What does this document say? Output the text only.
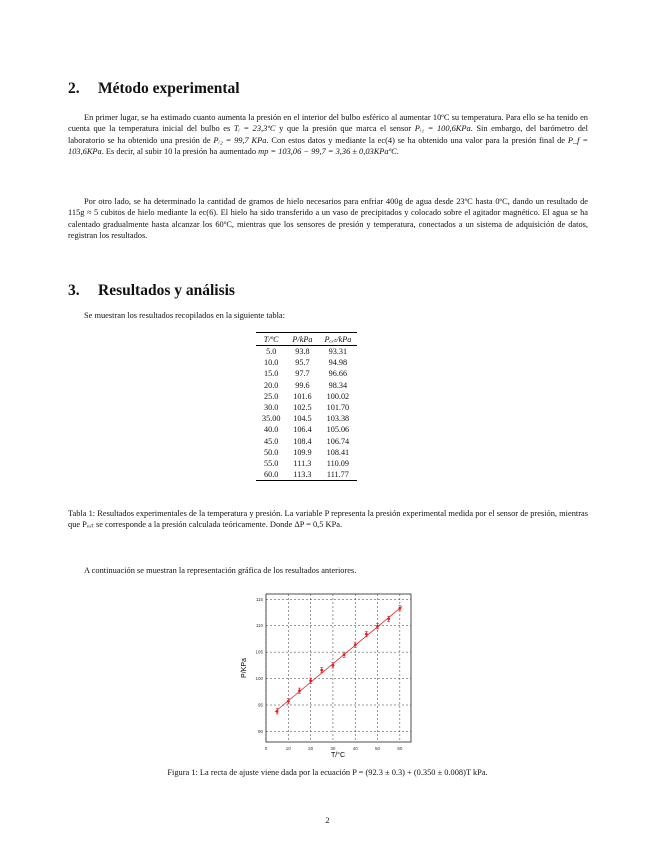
2. Método experimental

En primer lugar, se ha estimado cuanto aumenta la presión en el interior del bulbo esférico al aumentar 10ºC su temperatura. Para ello se ha tenido en cuenta que la temperatura inicial del bulbo es Tᵢ = 23,3ºC y que la presión que marca el sensor Pᵢ₁ = 100,6KPa. Sin embargo, del barómetro del laboratorio se ha obtenido una presión de Pᵢ₂ = 99,7 KPa. Con estos datos y mediante la ec(4) se ha obtenido una valor para la presión final de P_f = 103,6KPa. Es decir, al subir 10 la presión ha aumentado mp = 103,06 − 99,7 = 3,36 ± 0,03KPaºC.

Por otro lado, se ha determinado la cantidad de gramos de hielo necesarios para enfriar 400g de agua desde 23ºC hasta 0ºC, dando un resultado de 115g ≈ 5 cubitos de hielo mediante la ec(6). El hielo ha sido transferido a un vaso de precipitados y colocado sobre el agitador magnético. El agua se ha calentado gradualmente hasta alcanzar los 60ºC, mientras que los sensores de presión y temperatura, conectados a un sistema de adquisición de datos, registran los resultados.

3. Resultados y análisis

Se muestran los resultados recopilados en la siguiente tabla:

T/ºC	P/kPa	Pₑₓₜ/kPa
5.0	93.8	93.31
10.0	95.7	94.98
15.0	97.7	96.66
20.0	99.6	98.34
25.0	101.6	100.02
30.0	102.5	101.70
35.00	104.5	103.38
40.0	106.4	105.06
45.0	108.4	106.74
50.0	109.9	108.41
55.0	111.3	110.09
60.0	113.3	111.77

Tabla 1: Resultados experimentales de la temperatura y presión. La variable P representa la presión experimental medida por el sensor de presión, mientras que Pₑₓₜ se corresponde a la presión calculada teóricamente. Donde ΔP = 0,5 KPa.

A continuación se muestran la representación gráfica de los resultados anteriores.

0	10	20	30	40	50	60
90
95
100
105
110
115
T/°C
P/KPa

Figura 1: La recta de ajuste viene dada por la ecuación P = (92.3 ± 0.3) + (0.350 ± 0.008)T kPa.

2
